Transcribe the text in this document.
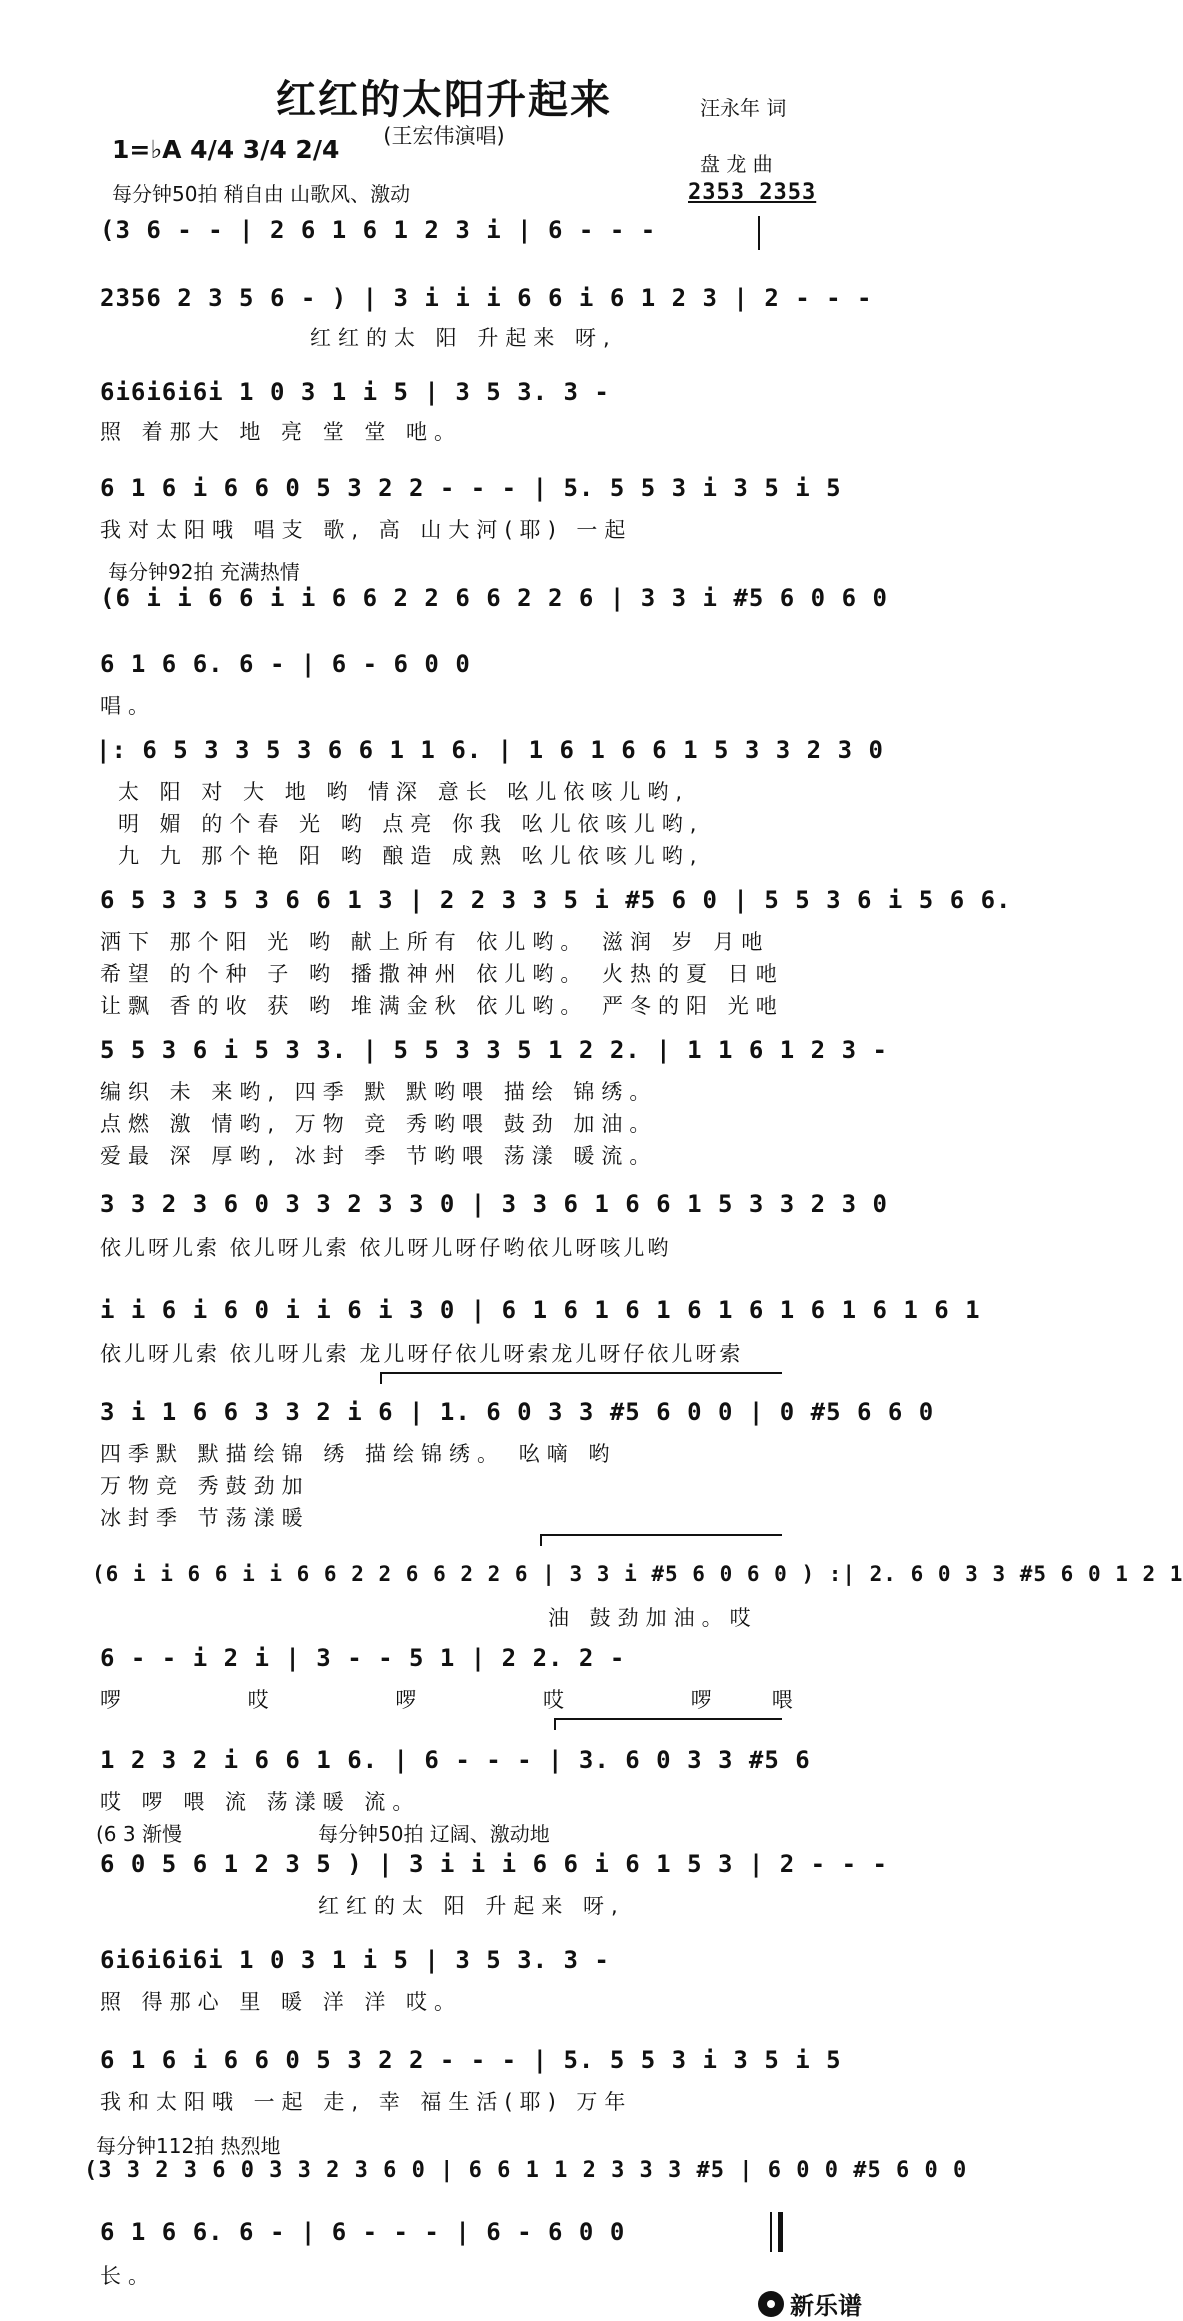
红红的太阳升起来
(王宏伟演唱)
汪永年 词
盘 龙 曲
1=♭A 4/4 3/4 2/4
每分钟50拍 稍自由 山歌风、激动	2353 2353
(3 6 - - | 2 6 1 6 1 2 3 i | 6 - - -
2356 2 3 5 6 - ) | 3 i i i 6 6 i 6 1 2 3 | 2 - - -
红红的太 阳 升起来 呀,
6i6i6i6i 1 0 3 1 i 5 | 3 5 3. 3 -
照 着那大 地 亮 堂 堂 吔。
6 1 6 i 6 6 0 5 3 2 2 - - - | 5. 5 5 3 i 3 5 i 5
我对太阳哦 唱支 歌, 高 山大河(耶) 一起
每分钟92拍 充满热情
(6 i i 6 6 i i 6 6 2 2 6 6 2 2 6 | 3 3 i #5 6 0 6 0
6 1 6 6. 6 - | 6 - 6 0 0
唱。
|: 6 5 3 3 5 3 6 6 1 1 6. | 1 6 1 6 6 1 5 3 3 2 3 0
太 阳 对 大 地 哟 情深 意长 吆儿依咳儿哟,
明 媚 的个春 光 哟 点亮 你我 吆儿依咳儿哟,
九 九 那个艳 阳 哟 酿造 成熟 吆儿依咳儿哟,
6 5 3 3 5 3 6 6 1 3 | 2 2 3 3 5 i #5 6 0 | 5 5 3 6 i 5 6 6.
洒下 那个阳 光 哟 献上所有 依儿哟。 滋润 岁 月吔
希望 的个种 子 哟 播撒神州 依儿哟。 火热的夏 日吔
让飘 香的收 获 哟 堆满金秋 依儿哟。 严冬的阳 光吔
5 5 3 6 i 5 3 3. | 5 5 3 3 5 1 2 2. | 1 1 6 1 2 3 -
编织 未 来哟, 四季 默 默哟喂 描绘 锦绣。
点燃 激 情哟, 万物 竞 秀哟喂 鼓劲 加油。
爱最 深 厚哟, 冰封 季 节哟喂 荡漾 暖流。
3 3 2 3 6 0 3 3 2 3 3 0 | 3 3 6 1 6 6 1 5 3 3 2 3 0
依儿呀儿索 依儿呀儿索 依儿呀儿呀仔哟依儿呀咳儿哟
i i 6 i 6 0 i i 6 i 3 0 | 6 1 6 1 6 1 6 1 6 1 6 1 6 1 6 1
依儿呀儿索 依儿呀儿索 龙儿呀仔依儿呀索龙儿呀仔依儿呀索
3 i 1 6 6 3 3 2 i 6 | 1. 6 0 3 3 #5 6 0 0 | 0 #5 6 6 0
四季默 默描绘锦 绣 描绘锦绣。 吆嘀 哟
万物竞 秀鼓劲加
冰封季 节荡漾暖
(6 i i 6 6 i i 6 6 2 2 6 6 2 2 6 | 3 3 i #5 6 0 6 0 ) :| 2. 6 0 3 3 #5 6 0 1 2 1
油 鼓劲加油。哎
6 - - i 2 i | 3 - - 5 1 | 2 2. 2 -
啰 哎 啰 哎 啰喂
1 2 3 2 i 6 6 1 6. | 6 - - - | 3. 6 0 3 3 #5 6
哎 啰 喂 流 荡漾暖 流。
(6 3 渐慢	每分钟50拍 辽阔、激动地
6 0 5 6 1 2 3 5 ) | 3 i i i 6 6 i 6 1 5 3 | 2 - - -
红红的太 阳 升起来 呀,
6i6i6i6i 1 0 3 1 i 5 | 3 5 3. 3 -
照 得那心 里 暖 洋 洋 哎。
6 1 6 i 6 6 0 5 3 2 2 - - - | 5. 5 5 3 i 3 5 i 5
我和太阳哦 一起 走, 幸 福生活(耶) 万年
每分钟112拍 热烈地
(3 3 2 3 6 0 3 3 2 3 6 0 | 6 6 1 1 2 3 3 3 #5 | 6 0 0 #5 6 0 0
6 1 6 6. 6 - | 6 - - - | 6 - 6 0 0
长。
新乐谱
